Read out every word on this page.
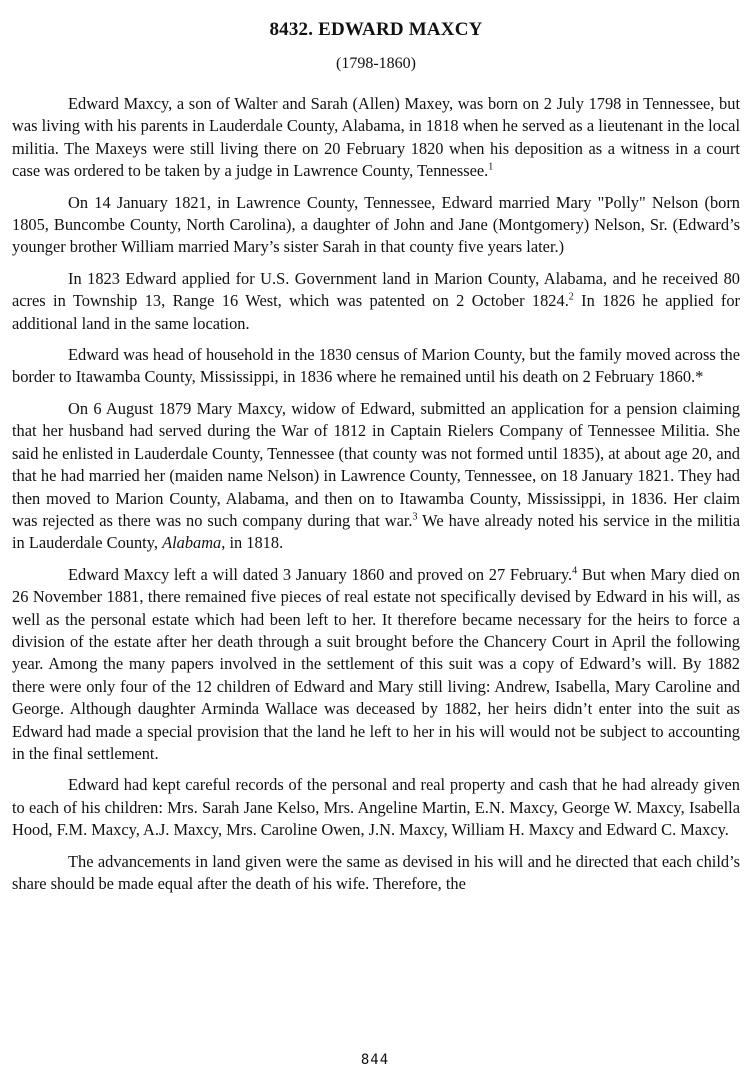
8432. EDWARD MAXCY
(1798-1860)

Edward Maxcy, a son of Walter and Sarah (Allen) Maxey, was born on 2 July 1798 in Tennessee, but was living with his parents in Lauderdale County, Alabama, in 1818 when he served as a lieutenant in the local militia. The Maxeys were still living there on 20 February 1820 when his deposition as a witness in a court case was ordered to be taken by a judge in Lawrence County, Tennessee.$^1$

On 14 January 1821, in Lawrence County, Tennessee, Edward married Mary "Polly" Nelson (born 1805, Buncombe County, North Carolina), a daughter of John and Jane (Montgomery) Nelson, Sr. (Edward’s younger brother William married Mary’s sister Sarah in that county five years later.)

In 1823 Edward applied for U.S. Government land in Marion County, Alabama, and he received 80 acres in Township 13, Range 16 West, which was patented on 2 October 1824.$^2$ In 1826 he applied for additional land in the same location.

Edward was head of household in the 1830 census of Marion County, but the family moved across the border to Itawamba County, Mississippi, in 1836 where he remained until his death on 2 February 1860.*

On 6 August 1879 Mary Maxcy, widow of Edward, submitted an application for a pension claiming that her husband had served during the War of 1812 in Captain Rielers Company of Tennessee Militia. She said he enlisted in Lauderdale County, Tennessee (that county was not formed until 1835), at about age 20, and that he had married her (maiden name Nelson) in Lawrence County, Tennessee, on 18 January 1821. They had then moved to Marion County, Alabama, and then on to Itawamba County, Mississippi, in 1836. Her claim was rejected as there was no such company during that war.$^3$ We have already noted his service in the militia in Lauderdale County, Alabama, in 1818.

Edward Maxcy left a will dated 3 January 1860 and proved on 27 February.$^4$ But when Mary died on 26 November 1881, there remained five pieces of real estate not specifically devised by Edward in his will, as well as the personal estate which had been left to her. It therefore became necessary for the heirs to force a division of the estate after her death through a suit brought before the Chancery Court in April the following year. Among the many papers involved in the settlement of this suit was a copy of Edward’s will. By 1882 there were only four of the 12 children of Edward and Mary still living: Andrew, Isabella, Mary Caroline and George. Although daughter Arminda Wallace was deceased by 1882, her heirs didn’t enter into the suit as Edward had made a special provision that the land he left to her in his will would not be subject to accounting in the final settlement.

Edward had kept careful records of the personal and real property and cash that he had already given to each of his children: Mrs. Sarah Jane Kelso, Mrs. Angeline Martin, E.N. Maxcy, George W. Maxcy, Isabella Hood, F.M. Maxcy, A.J. Maxcy, Mrs. Caroline Owen, J.N. Maxcy, William H. Maxcy and Edward C. Maxcy.

The advancements in land given were the same as devised in his will and he directed that each child’s share should be made equal after the death of his wife. Therefore, the

844
